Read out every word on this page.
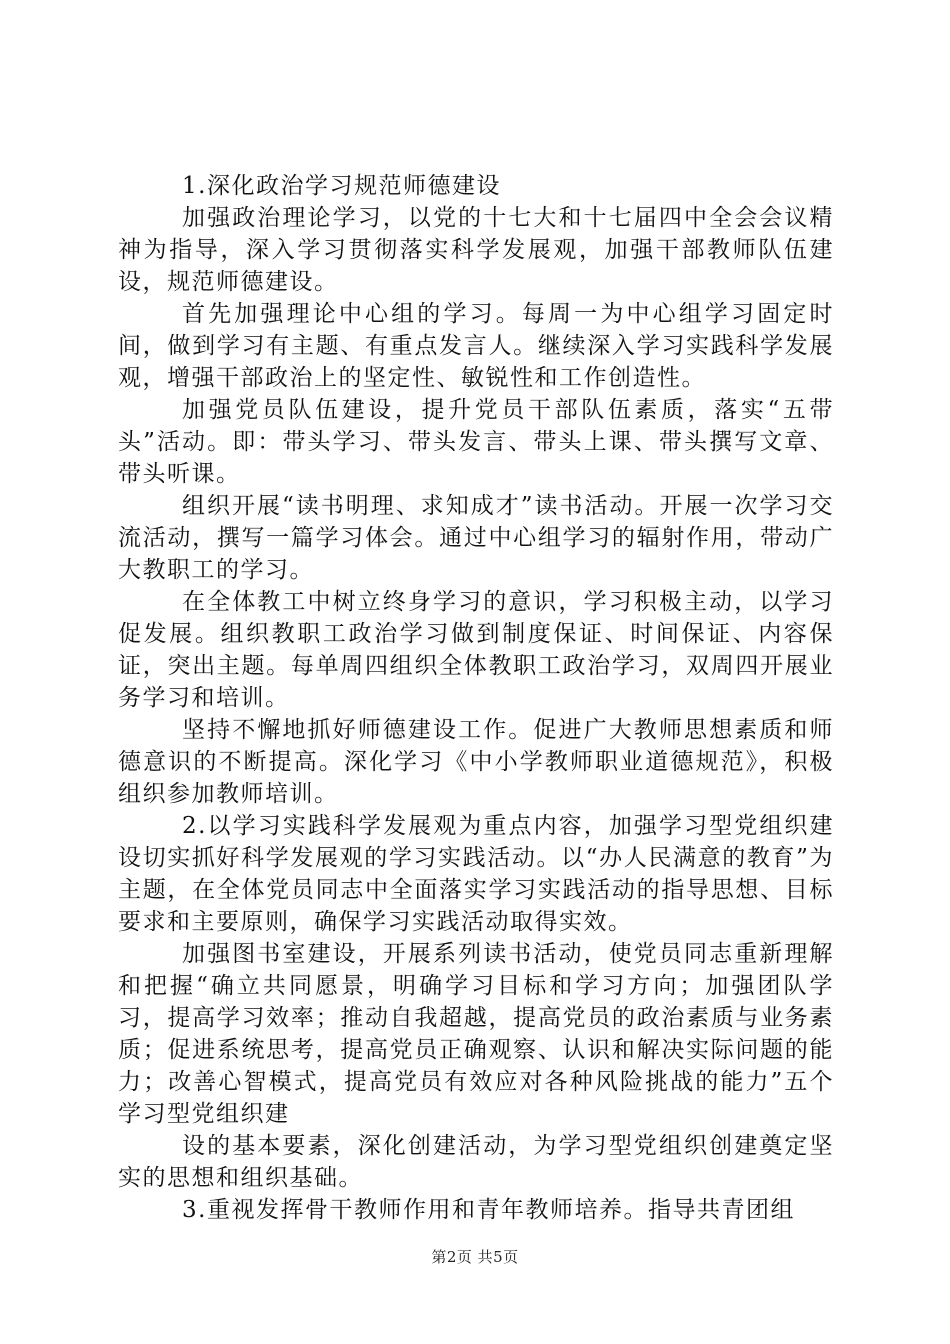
1.深化政治学习规范师德建设

加强政治理论学习，以党的十七大和十七届四中全会会议精神为指导，深入学习贯彻落实科学发展观，加强干部教师队伍建设，规范师德建设。

首先加强理论中心组的学习。每周一为中心组学习固定时间，做到学习有主题、有重点发言人。继续深入学习实践科学发展观，增强干部政治上的坚定性、敏锐性和工作创造性。

加强党员队伍建设，提升党员干部队伍素质，落实“五带头”活动。即：带头学习、带头发言、带头上课、带头撰写文章、带头听课。

组织开展“读书明理、求知成才”读书活动。开展一次学习交流活动，撰写一篇学习体会。通过中心组学习的辐射作用，带动广大教职工的学习。

在全体教工中树立终身学习的意识，学习积极主动，以学习促发展。组织教职工政治学习做到制度保证、时间保证、内容保证，突出主题。每单周四组织全体教职工政治学习，双周四开展业务学习和培训。

坚持不懈地抓好师德建设工作。促进广大教师思想素质和师德意识的不断提高。深化学习《中小学教师职业道德规范》，积极组织参加教师培训。

2.以学习实践科学发展观为重点内容，加强学习型党组织建设切实抓好科学发展观的学习实践活动。以“办人民满意的教育”为主题，在全体党员同志中全面落实学习实践活动的指导思想、目标要求和主要原则，确保学习实践活动取得实效。

加强图书室建设，开展系列读书活动，使党员同志重新理解和把握“确立共同愿景，明确学习目标和学习方向；加强团队学习，提高学习效率；推动自我超越，提高党员的政治素质与业务素质；促进系统思考，提高党员正确观察、认识和解决实际问题的能力；改善心智模式，提高党员有效应对各种风险挑战的能力”五个学习型党组织建

设的基本要素，深化创建活动，为学习型党组织创建奠定坚实的思想和组织基础。

3.重视发挥骨干教师作用和青年教师培养。指导共青团组

第2页 共5页
